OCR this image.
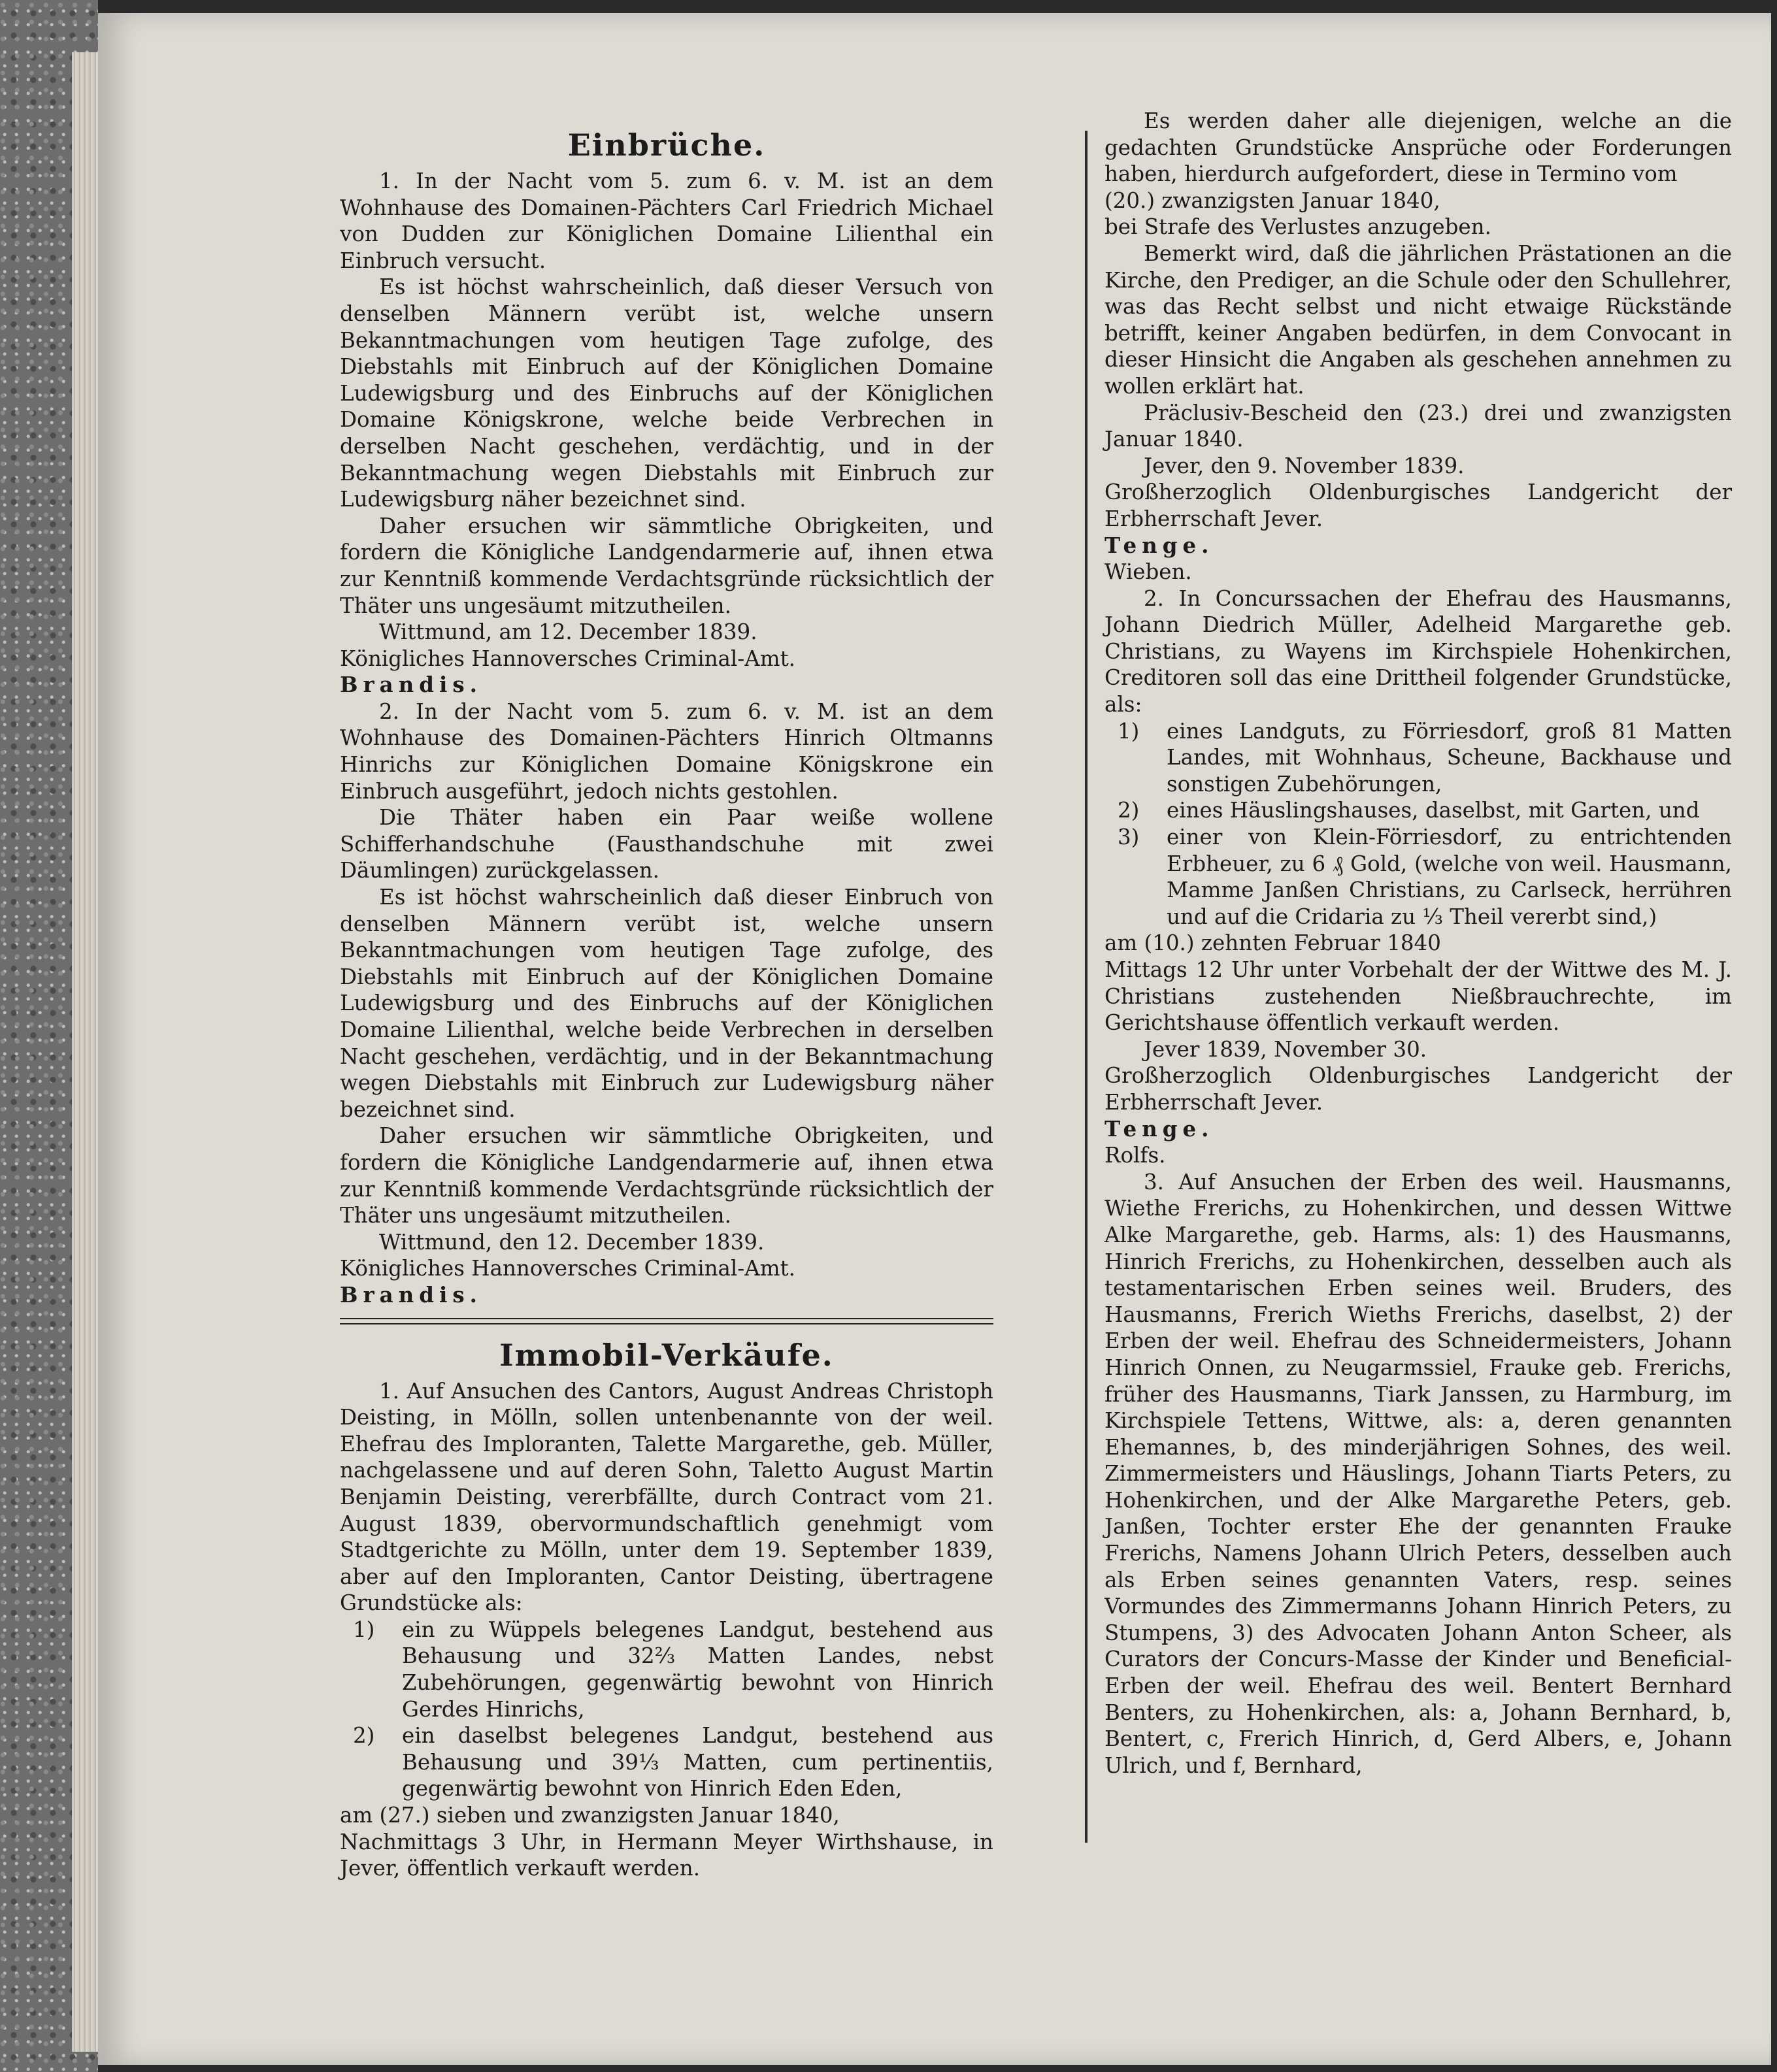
Einbrüche.

1. In der Nacht vom 5. zum 6. v. M. ist an dem Wohnhause des Domainen-Pächters Carl Friedrich Michael von Dudden zur Königlichen Domaine Lilienthal ein Einbruch versucht.

Es ist höchst wahrscheinlich, daß dieser Versuch von denselben Männern verübt ist, welche unsern Bekanntmachungen vom heutigen Tage zufolge, des Diebstahls mit Einbruch auf der Königlichen Domaine Ludewigsburg und des Einbruchs auf der Königlichen Domaine Königskrone, welche beide Verbrechen in derselben Nacht geschehen, verdächtig, und in der Bekanntmachung wegen Diebstahls mit Einbruch zur Ludewigsburg näher bezeichnet sind.

Daher ersuchen wir sämmtliche Obrigkeiten, und fordern die Königliche Landgendarmerie auf, ihnen etwa zur Kenntniß kommende Verdachtsgründe rücksichtlich der Thäter uns ungesäumt mitzutheilen.

Wittmund, am 12. December 1839.

Königliches Hannoversches Criminal-Amt.

Brandis.

2. In der Nacht vom 5. zum 6. v. M. ist an dem Wohnhause des Domainen-Pächters Hinrich Oltmanns Hinrichs zur Königlichen Domaine Königskrone ein Einbruch ausgeführt, jedoch nichts gestohlen.

Die Thäter haben ein Paar weiße wollene Schifferhandschuhe (Fausthandschuhe mit zwei Däumlingen) zurückgelassen.

Es ist höchst wahrscheinlich daß dieser Einbruch von denselben Männern verübt ist, welche unsern Bekanntmachungen vom heutigen Tage zufolge, des Diebstahls mit Einbruch auf der Königlichen Domaine Ludewigsburg und des Einbruchs auf der Königlichen Domaine Lilienthal, welche beide Verbrechen in derselben Nacht geschehen, verdächtig, und in der Bekanntmachung wegen Diebstahls mit Einbruch zur Ludewigsburg näher bezeichnet sind.

Daher ersuchen wir sämmtliche Obrigkeiten, und fordern die Königliche Landgendarmerie auf, ihnen etwa zur Kenntniß kommende Verdachtsgründe rücksichtlich der Thäter uns ungesäumt mitzutheilen.

Wittmund, den 12. December 1839.

Königliches Hannoversches Criminal-Amt.

Brandis.

Immobil-Verkäufe.

1. Auf Ansuchen des Cantors, August Andreas Christoph Deisting, in Mölln, sollen untenbenannte von der weil. Ehefrau des Imploranten, Talette Margarethe, geb. Müller, nachgelassene und auf deren Sohn, Taletto August Martin Benjamin Deisting, vererbfällte, durch Contract vom 21. August 1839, obervormundschaftlich genehmigt vom Stadtgerichte zu Mölln, unter dem 19. September 1839, aber auf den Imploranten, Cantor Deisting, übertragene Grundstücke als:

1) ein zu Wüppels belegenes Landgut, bestehend aus Behausung und 32⅔ Matten Landes, nebst Zubehörungen, gegenwärtig bewohnt von Hinrich Gerdes Hinrichs,
2) ein daselbst belegenes Landgut, bestehend aus Behausung und 39⅓ Matten, cum pertinentiis, gegenwärtig bewohnt von Hinrich Eden Eden,

am (27.) sieben und zwanzigsten Januar 1840,

Nachmittags 3 Uhr, in Hermann Meyer Wirthshause, in Jever, öffentlich verkauft werden.

Es werden daher alle diejenigen, welche an die gedachten Grundstücke Ansprüche oder Forderungen haben, hierdurch aufgefordert, diese in Termino vom

(20.) zwanzigsten Januar 1840,

bei Strafe des Verlustes anzugeben.

Bemerkt wird, daß die jährlichen Prästationen an die Kirche, den Prediger, an die Schule oder den Schullehrer, was das Recht selbst und nicht etwaige Rückstände betrifft, keiner Angaben bedürfen, in dem Convocant in dieser Hinsicht die Angaben als geschehen annehmen zu wollen erklärt hat.

Präclusiv-Bescheid den (23.) drei und zwanzigsten Januar 1840.

Jever, den 9. November 1839.

Großherzoglich Oldenburgisches Landgericht der Erbherrschaft Jever.

Tenge.

Wieben.

2. In Concurssachen der Ehefrau des Hausmanns, Johann Diedrich Müller, Adelheid Margarethe geb. Christians, zu Wayens im Kirchspiele Hohenkirchen, Creditoren soll das eine Drittheil folgender Grundstücke, als:

1) eines Landguts, zu Förriesdorf, groß 81 Matten Landes, mit Wohnhaus, Scheune, Backhause und sonstigen Zubehörungen,
2) eines Häuslingshauses, daselbst, mit Garten, und
3) einer von Klein-Förriesdorf, zu entrichtenden Erbheuer, zu 6 ₰ Gold, (welche von weil. Hausmann, Mamme Janßen Christians, zu Carlseck, herrühren und auf die Cridaria zu ⅓ Theil vererbt sind,)

am (10.) zehnten Februar 1840

Mittags 12 Uhr unter Vorbehalt der der Wittwe des M. J. Christians zustehenden Nießbrauchrechte, im Gerichtshause öffentlich verkauft werden.

Jever 1839, November 30.

Großherzoglich Oldenburgisches Landgericht der Erbherrschaft Jever.

Tenge.

Rolfs.

3. Auf Ansuchen der Erben des weil. Hausmanns, Wiethe Frerichs, zu Hohenkirchen, und dessen Wittwe Alke Margarethe, geb. Harms, als: 1) des Hausmanns, Hinrich Frerichs, zu Hohenkirchen, desselben auch als testamentarischen Erben seines weil. Bruders, des Hausmanns, Frerich Wieths Frerichs, daselbst, 2) der Erben der weil. Ehefrau des Schneidermeisters, Johann Hinrich Onnen, zu Neugarmssiel, Frauke geb. Frerichs, früher des Hausmanns, Tiark Janssen, zu Harmburg, im Kirchspiele Tettens, Wittwe, als: a, deren genannten Ehemannes, b, des minderjährigen Sohnes, des weil. Zimmermeisters und Häuslings, Johann Tiarts Peters, zu Hohenkirchen, und der Alke Margarethe Peters, geb. Janßen, Tochter erster Ehe der genannten Frauke Frerichs, Namens Johann Ulrich Peters, desselben auch als Erben seines genannten Vaters, resp. seines Vormundes des Zimmermanns Johann Hinrich Peters, zu Stumpens, 3) des Advocaten Johann Anton Scheer, als Curators der Concurs-Masse der Kinder und Beneficial-Erben der weil. Ehefrau des weil. Bentert Bernhard Benters, zu Hohenkirchen, als: a, Johann Bernhard, b, Bentert, c, Frerich Hinrich, d, Gerd Albers, e, Johann Ulrich, und f, Bernhard,
